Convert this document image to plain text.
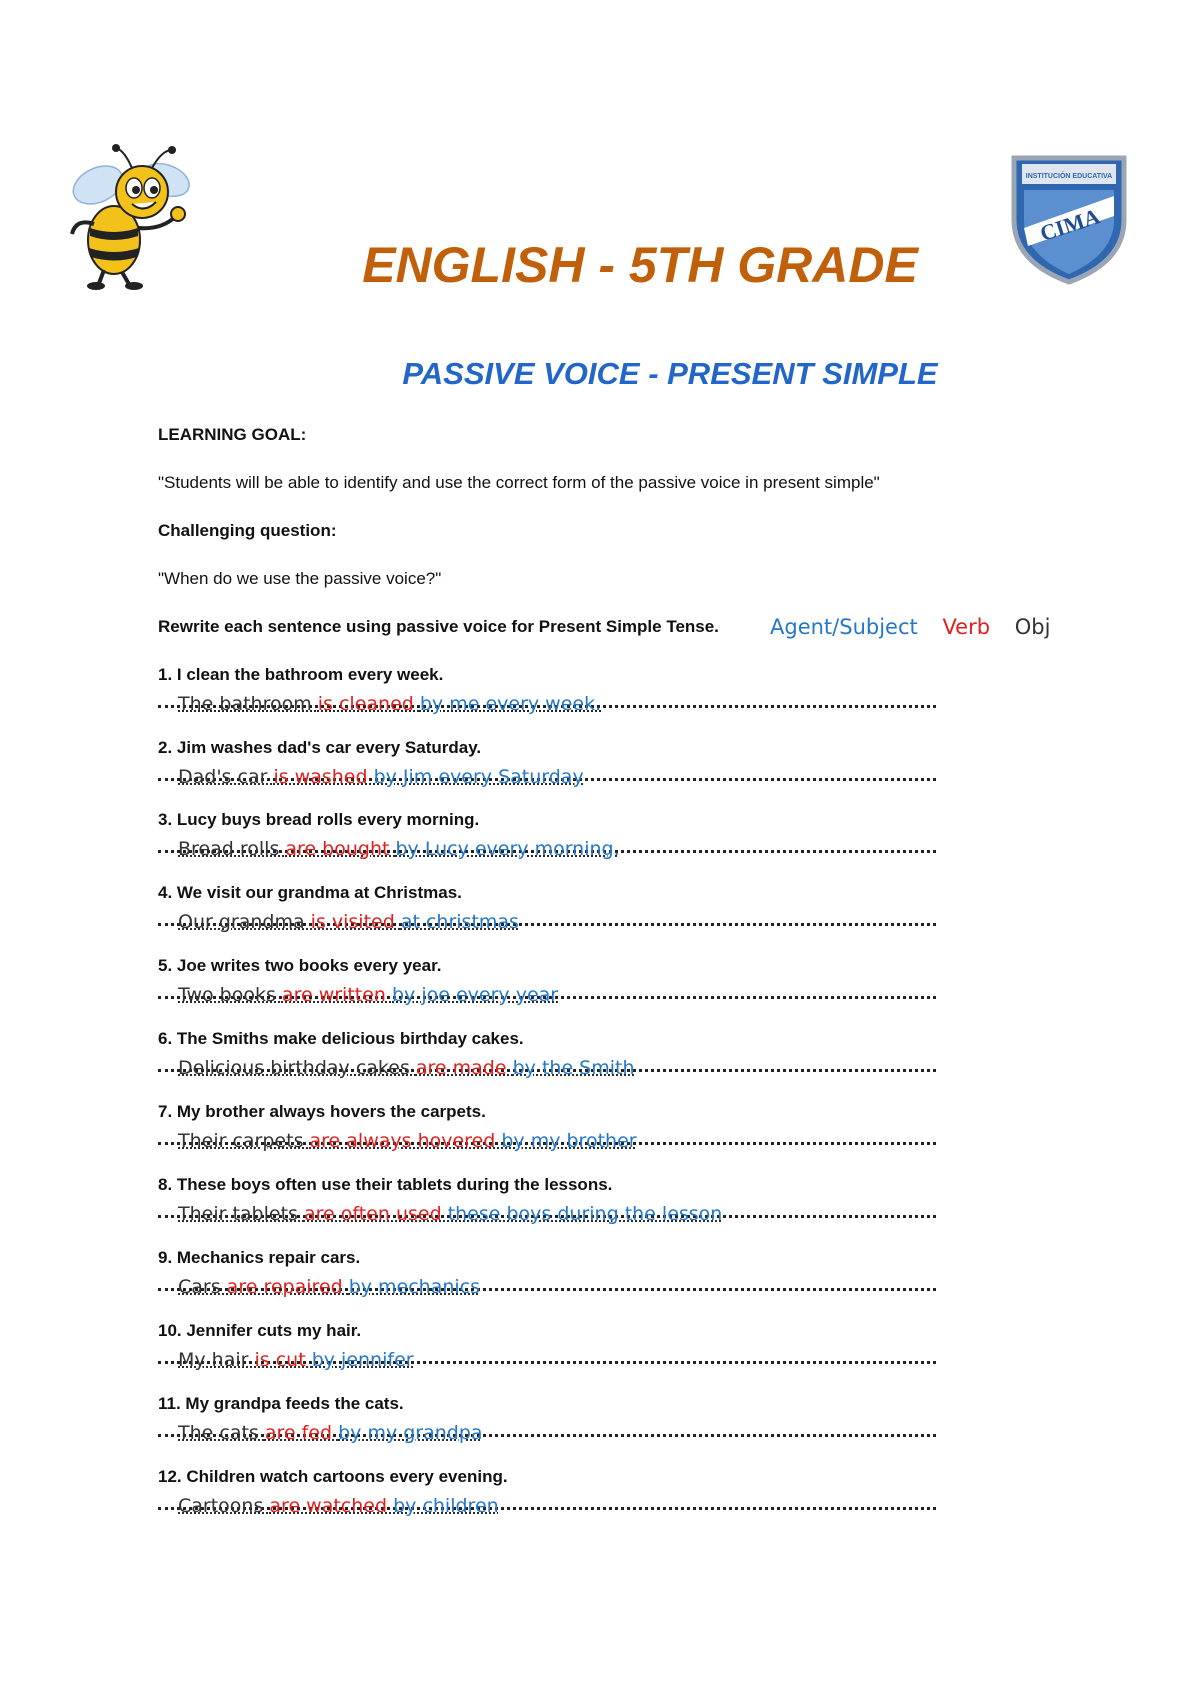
CIMA
INSTITUCIÓN EDUCATIVA
ENGLISH - 5TH GRADE
PASSIVE VOICE - PRESENT SIMPLE
LEARNING GOAL:
"Students will be able to identify and use the correct form of the passive voice in present simple"
Challenging question:
"When do we use the passive voice?"
Rewrite each sentence using passive voice for Present Simple Tense. Agent/Subject Verb Obj
1. I clean the bathroom every week.
The bathroom is cleaned by me every week.
2. Jim washes dad's car every Saturday.
Dad's car is washed by Jim every Saturday
3. Lucy buys bread rolls every morning.
Bread rolls are bought by Lucy every morning.
4. We visit our grandma at Christmas.
Our grandma is visited at christmas
5. Joe writes two books every year.
Two books are written by joe every year
6. The Smiths make delicious birthday cakes.
Delicious birthday cakes are made by the Smith
7. My brother always hovers the carpets.
Their carpets are always hovered by my brother
8. These boys often use their tablets during the lessons.
Their tablets are often used these boys during the lesson
9. Mechanics repair cars.
Cars are repaired by mechanics
10. Jennifer cuts my hair.
My hair is cut by jennifer
11. My grandpa feeds the cats.
The cats are fed by my grandpa
12. Children watch cartoons every evening.
Cartoons are watched by children
